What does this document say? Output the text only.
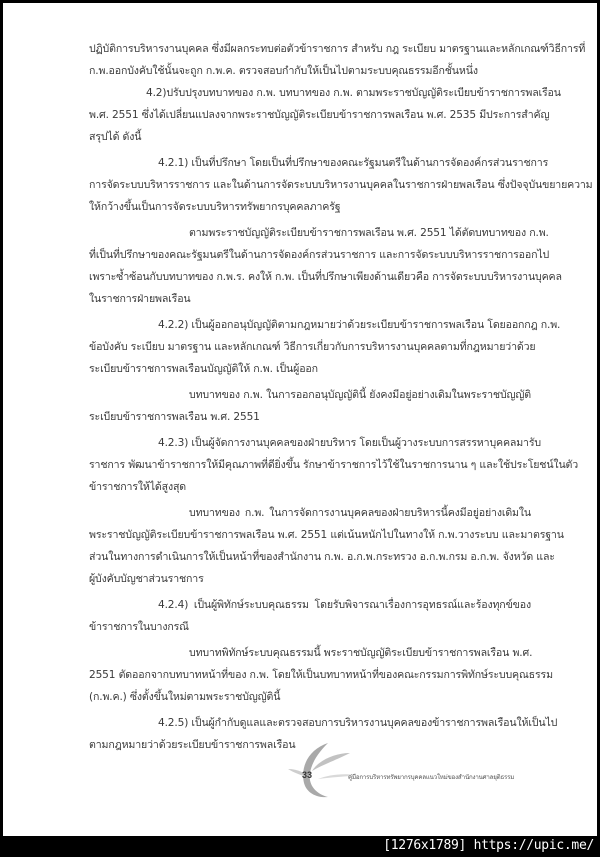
ปฏิบัติการบริหารงานบุคคล ซึ่งมีผลกระทบต่อตัวข้าราชการ สำหรับ กฎ ระเบียบ มาตรฐานและหลักเกณฑ์วิธีการที่
ก.พ.ออกบังคับใช้นั้นจะถูก ก.พ.ค. ตรวจสอบกำกับให้เป็นไปตามระบบคุณธรรมอีกชั้นหนึ่ง
4.2)ปรับปรุงบทบาทของ ก.พ. บทบาทของ ก.พ. ตามพระราชบัญญัติระเบียบข้าราชการพลเรือน
พ.ศ. 2551 ซึ่งได้เปลี่ยนแปลงจากพระราชบัญญัติระเบียบข้าราชการพลเรือน พ.ศ. 2535 มีประการสำคัญ
สรุปได้ ดังนี้
4.2.1) เป็นที่ปรึกษา โดยเป็นที่ปรึกษาของคณะรัฐมนตรีในด้านการจัดองค์กรส่วนราชการ
การจัดระบบบริหารราชการ และในด้านการจัดระบบบริหารงานบุคคลในราชการฝ่ายพลเรือน ซึ่งปัจจุบันขยายความ
ให้กว้างขึ้นเป็นการจัดระบบบริหารทรัพยากรบุคคลภาครัฐ
ตามพระราชบัญญัติระเบียบข้าราชการพลเรือน พ.ศ. 2551 ได้ตัดบทบาทของ ก.พ.
ที่เป็นที่ปรึกษาของคณะรัฐมนตรีในด้านการจัดองค์กรส่วนราชการ และการจัดระบบบริหารราชการออกไป
เพราะซ้ำซ้อนกับบทบาทของ ก.พ.ร. คงให้ ก.พ. เป็นที่ปรึกษาเพียงด้านเดียวคือ การจัดระบบบริหารงานบุคคล
ในราชการฝ่ายพลเรือน
4.2.2) เป็นผู้ออกอนุบัญญัติตามกฎหมายว่าด้วยระเบียบข้าราชการพลเรือน โดยออกกฎ ก.พ.
ข้อบังคับ ระเบียบ มาตรฐาน และหลักเกณฑ์ วิธีการเกี่ยวกับการบริหารงานบุคคลตามที่กฎหมายว่าด้วย
ระเบียบข้าราชการพลเรือนบัญญัติให้ ก.พ. เป็นผู้ออก
บทบาทของ ก.พ. ในการออกอนุบัญญัตินี้ ยังคงมีอยู่อย่างเดิมในพระราชบัญญัติ
ระเบียบข้าราชการพลเรือน พ.ศ. 2551
4.2.3) เป็นผู้จัดการงานบุคคลของฝ่ายบริหาร โดยเป็นผู้วางระบบการสรรหาบุคคลมารับ
ราชการ พัฒนาข้าราชการให้มีคุณภาพที่ดียิ่งขึ้น รักษาข้าราชการไว้ใช้ในราชการนาน ๆ และใช้ประโยชน์ในตัว
ข้าราชการให้ได้สูงสุด
บทบาทของ ก.พ. ในการจัดการงานบุคคลของฝ่ายบริหารนี้คงมีอยู่อย่างเดิมใน
พระราชบัญญัติระเบียบข้าราชการพลเรือน พ.ศ. 2551 แต่เน้นหนักไปในทางให้ ก.พ.วางระบบ และมาตรฐาน
ส่วนในทางการดำเนินการให้เป็นหน้าที่ของสำนักงาน ก.พ. อ.ก.พ.กระทรวง อ.ก.พ.กรม อ.ก.พ. จังหวัด และ
ผู้บังคับบัญชาส่วนราชการ
4.2.4) เป็นผู้พิทักษ์ระบบคุณธรรม โดยรับพิจารณาเรื่องการอุทธรณ์และร้องทุกข์ของ
ข้าราชการในบางกรณี
บทบาทพิทักษ์ระบบคุณธรรมนี้ พระราชบัญญัติระเบียบข้าราชการพลเรือน พ.ศ.
2551 ตัดออกจากบทบาทหน้าที่ของ ก.พ. โดยให้เป็นบทบาทหน้าที่ของคณะกรรมการพิทักษ์ระบบคุณธรรม
(ก.พ.ค.) ซึ่งตั้งขึ้นใหม่ตามพระราชบัญญัตินี้
4.2.5) เป็นผู้กำกับดูแลและตรวจสอบการบริหารงานบุคคลของข้าราชการพลเรือนให้เป็นไป
ตามกฎหมายว่าด้วยระเบียบข้าราชการพลเรือน
33	คู่มือการบริหารทรัพยากรบุคคลแนวใหม่ของสำนักงานศาลยุติธรรม
[1276x1789] https://upic.me/
